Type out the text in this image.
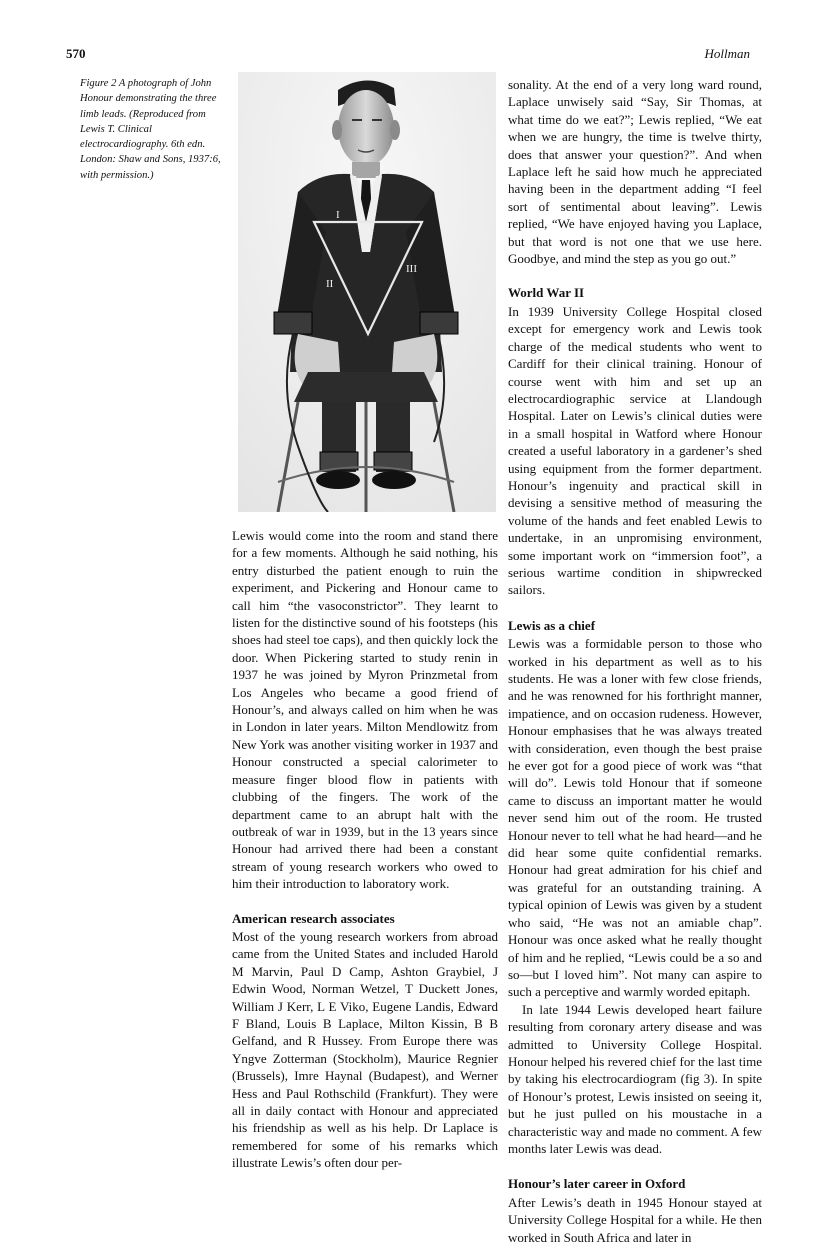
570	Hollman
Figure 2 A photograph of John Honour demonstrating the three limb leads. (Reproduced from Lewis T. Clinical electrocardiography. 6th edn. London: Shaw and Sons, 1937:6, with permission.)
I
II
III

Lewis would come into the room and stand there for a few moments. Although he said nothing, his entry disturbed the patient enough to ruin the experiment, and Pickering and Honour came to call him “the vasoconstrictor”. They learnt to listen for the distinctive sound of his footsteps (his shoes had steel toe caps), and then quickly lock the door. When Pickering started to study renin in 1937 he was joined by Myron Prinzmetal from Los Angeles who became a good friend of Honour’s, and always called on him when he was in London in later years. Milton Mendlowitz from New York was another visiting worker in 1937 and Honour constructed a special calorimeter to measure finger blood flow in patients with clubbing of the fingers. The work of the department came to an abrupt halt with the outbreak of war in 1939, but in the 13 years since Honour had arrived there had been a constant stream of young research workers who owed to him their introduction to laboratory work.

American research associates

Most of the young research workers from abroad came from the United States and included Harold M Marvin, Paul D Camp, Ashton Graybiel, J Edwin Wood, Norman Wetzel, T Duckett Jones, William J Kerr, L E Viko, Eugene Landis, Edward F Bland, Louis B Laplace, Milton Kissin, B B Gelfand, and R Hussey. From Europe there was Yngve Zotterman (Stockholm), Maurice Regnier (Brussels), Imre Haynal (Budapest), and Werner Hess and Paul Rothschild (Frankfurt). They were all in daily contact with Honour and appreciated his friendship as well as his help. Dr Laplace is remembered for some of his remarks which illustrate Lewis’s often dour per-

sonality. At the end of a very long ward round, Laplace unwisely said “Say, Sir Thomas, at what time do we eat?”; Lewis replied, “We eat when we are hungry, the time is twelve thirty, does that answer your question?”. And when Laplace left he said how much he appreciated having been in the department adding “I feel sort of sentimental about leaving”. Lewis replied, “We have enjoyed having you Laplace, but that word is not one that we use here. Goodbye, and mind the step as you go out.”

World War II

In 1939 University College Hospital closed except for emergency work and Lewis took charge of the medical students who went to Cardiff for their clinical training. Honour of course went with him and set up an electrocardiographic service at Llandough Hospital. Later on Lewis’s clinical duties were in a small hospital in Watford where Honour created a useful laboratory in a gardener’s shed using equipment from the former department. Honour’s ingenuity and practical skill in devising a sensitive method of measuring the volume of the hands and feet enabled Lewis to undertake, in an unpromising environment, some important work on “immersion foot”, a serious wartime condition in shipwrecked sailors.

Lewis as a chief

Lewis was a formidable person to those who worked in his department as well as to his students. He was a loner with few close friends, and he was renowned for his forthright manner, impatience, and on occasion rudeness. However, Honour emphasises that he was always treated with consideration, even though the best praise he ever got for a good piece of work was “that will do”. Lewis told Honour that if someone came to discuss an important matter he would never send him out of the room. He trusted Honour never to tell what he had heard—and he did hear some quite confidential remarks. Honour had great admiration for his chief and was grateful for an outstanding training. A typical opinion of Lewis was given by a student who said, “He was not an amiable chap”. Honour was once asked what he really thought of him and he replied, “Lewis could be a so and so—but I loved him”. Not many can aspire to such a perceptive and warmly worded epitaph.

In late 1944 Lewis developed heart failure resulting from coronary artery disease and was admitted to University College Hospital. Honour helped his revered chief for the last time by taking his electrocardiogram (fig 3). In spite of Honour’s protest, Lewis insisted on seeing it, but he just pulled on his moustache in a characteristic way and made no comment. A few months later Lewis was dead.

Honour’s later career in Oxford

After Lewis’s death in 1945 Honour stayed at University College Hospital for a while. He then worked in South Africa and later in
